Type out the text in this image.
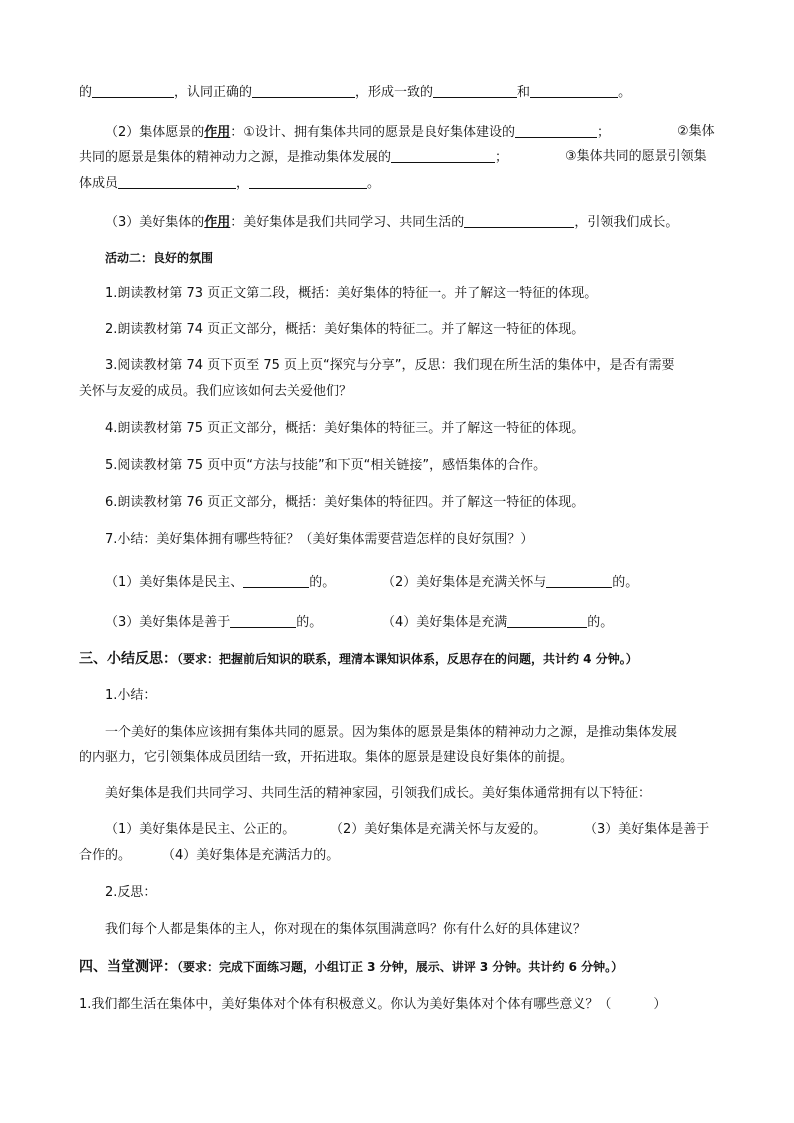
的	，认同正确的	，形成一致的	和	。
（2）集体愿景的作用：①设计、拥有集体共同的愿景是良好集体建设的	；	②集体
共同的愿景是集体的精神动力之源，是推动集体发展的	；	③集体共同的愿景引领集
体成员	，	。
（3）美好集体的作用：美好集体是我们共同学习、共同生活的	，引领我们成长。
活动二：良好的氛围
1.朗读教材第 73 页正文第二段，概括：美好集体的特征一。并了解这一特征的体现。
2.朗读教材第 74 页正文部分，概括：美好集体的特征二。并了解这一特征的体现。
3.阅读教材第 74 页下页至 75 页上页“探究与分享”，反思：我们现在所生活的集体中，是否有需要
关怀与友爱的成员。我们应该如何去关爱他们？
4.朗读教材第 75 页正文部分，概括：美好集体的特征三。并了解这一特征的体现。
5.阅读教材第 75 页中页“方法与技能”和下页“相关链接”，感悟集体的合作。
6.朗读教材第 76 页正文部分，概括：美好集体的特征四。并了解这一特征的体现。
7.小结：美好集体拥有哪些特征？（美好集体需要营造怎样的良好氛围？）
（1）美好集体是民主、	的。	（2）美好集体是充满关怀与	的。
（3）美好集体是善于	的。	（4）美好集体是充满	的。
三、小结反思：（要求：把握前后知识的联系，理清本课知识体系，反思存在的问题，共计约 4 分钟。）
1.小结：
一个美好的集体应该拥有集体共同的愿景。因为集体的愿景是集体的精神动力之源，是推动集体发展
的内驱力，它引领集体成员团结一致，开拓进取。集体的愿景是建设良好集体的前提。
美好集体是我们共同学习、共同生活的精神家园，引领我们成长。美好集体通常拥有以下特征：
（1）美好集体是民主、公正的。	（2）美好集体是充满关怀与友爱的。	（3）美好集体是善于
合作的。 （4）美好集体是充满活力的。
2.反思：
我们每个人都是集体的主人，你对现在的集体氛围满意吗？你有什么好的具体建议？
四、当堂测评：（要求：完成下面练习题，小组订正 3 分钟，展示、讲评 3 分钟。共计约 6 分钟。）
1.我们都生活在集体中，美好集体对个体有积极意义。你认为美好集体对个体有哪些意义？（	）
